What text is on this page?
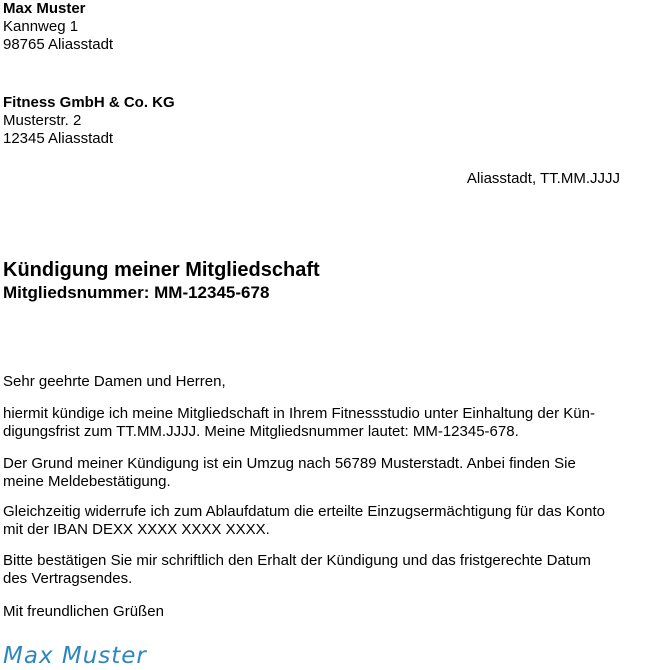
Max Muster
Kannweg 1
98765 Aliasstadt
Fitness GmbH & Co. KG
Musterstr. 2
12345 Aliasstadt
Aliasstadt, TT.MM.JJJJ
Kündigung meiner Mitgliedschaft
Mitgliedsnummer: MM-12345-678
Sehr geehrte Damen und Herren,
hiermit kündige ich meine Mitgliedschaft in Ihrem Fitnessstudio unter Einhaltung der Kün-
digungsfrist zum TT.MM.JJJJ. Meine Mitgliedsnummer lautet: MM-12345-678.
Der Grund meiner Kündigung ist ein Umzug nach 56789 Musterstadt. Anbei finden Sie
meine Meldebestätigung.
Gleichzeitig widerrufe ich zum Ablaufdatum die erteilte Einzugsermächtigung für das Konto
mit der IBAN DEXX XXXX XXXX XXXX.
Bitte bestätigen Sie mir schriftlich den Erhalt der Kündigung und das fristgerechte Datum
des Vertragsendes.
Mit freundlichen Grüßen
Max Muster
